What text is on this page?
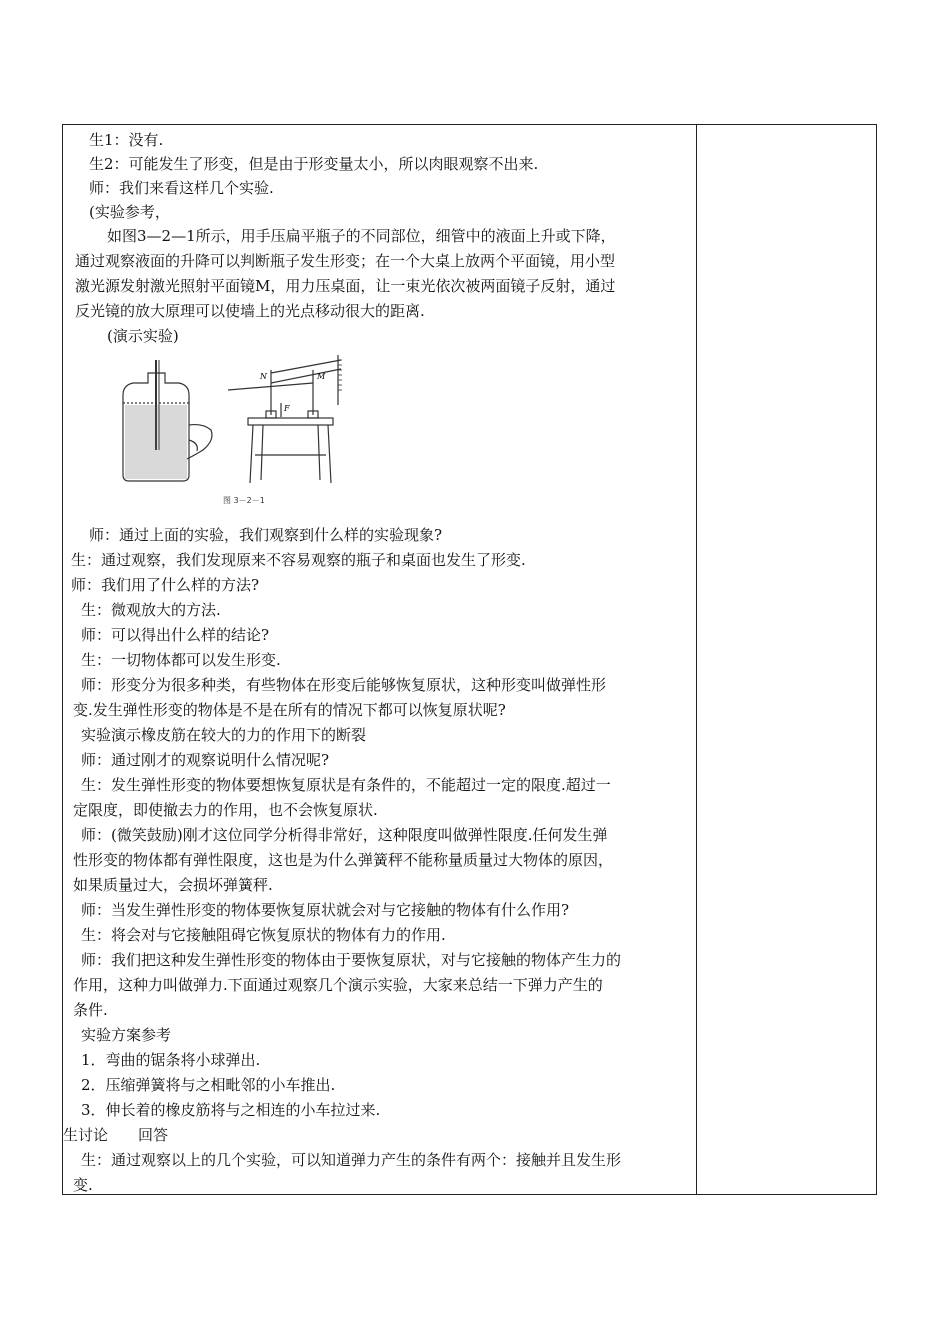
生1：没有.
生2：可能发生了形变，但是由于形变量太小，所以肉眼观察不出来.
师：我们来看这样几个实验.
(实验参考，
如图3—2—1所示，用手压扁平瓶子的不同部位，细管中的液面上升或下降，
通过观察液面的升降可以判断瓶子发生形变；在一个大桌上放两个平面镜，用小型
激光源发射激光照射平面镜M，用力压桌面，让一束光依次被两面镜子反射，通过
反光镜的放大原理可以使墙上的光点移动很大的距离.
(演示实验)
N	M
F
图 3－2－1
师：通过上面的实验，我们观察到什么样的实验现象?
生：通过观察，我们发现原来不容易观察的瓶子和桌面也发生了形变.
师：我们用了什么样的方法?
生：微观放大的方法.
师：可以得出什么样的结论?
生：一切物体都可以发生形变.
师：形变分为很多种类，有些物体在形变后能够恢复原状，这种形变叫做弹性形
变.发生弹性形变的物体是不是在所有的情况下都可以恢复原状呢?
实验演示橡皮筋在较大的力的作用下的断裂
师：通过刚才的观察说明什么情况呢?
生：发生弹性形变的物体要想恢复原状是有条件的，不能超过一定的限度.超过一
定限度，即使撤去力的作用，也不会恢复原状.
师：(微笑鼓励)刚才这位同学分析得非常好，这种限度叫做弹性限度.任何发生弹
性形变的物体都有弹性限度，这也是为什么弹簧秤不能称量质量过大物体的原因，
如果质量过大，会损坏弹簧秤.
师：当发生弹性形变的物体要恢复原状就会对与它接触的物体有什么作用?
生：将会对与它接触阻碍它恢复原状的物体有力的作用.
师：我们把这种发生弹性形变的物体由于要恢复原状，对与它接触的物体产生力的
作用，这种力叫做弹力.下面通过观察几个演示实验，大家来总结一下弹力产生的
条件.
实验方案参考
1．弯曲的锯条将小球弹出.
2．压缩弹簧将与之相毗邻的小车推出.
3．伸长着的橡皮筋将与之相连的小车拉过来.
生讨论　　回答
生：通过观察以上的几个实验，可以知道弹力产生的条件有两个：接触并且发生形
变.
